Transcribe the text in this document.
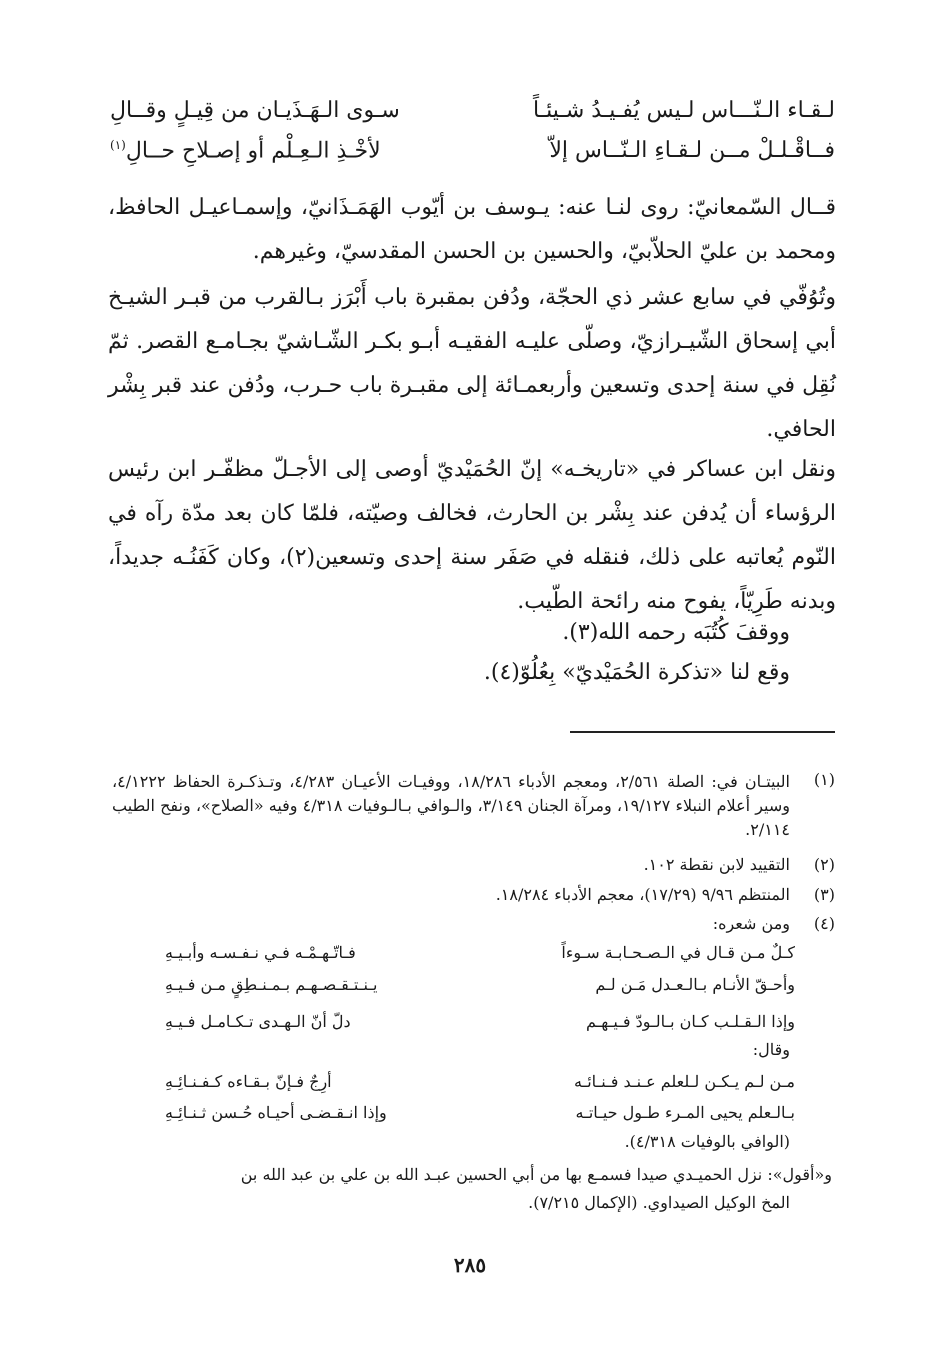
لـقـاء الـنّـــاس لـيس يُفـيـدُ شـيئـاً
سـوى الـهَـذَيـان من قِيـلٍ وقــالِ
فــاقْـلـلْ مــن لـقـاءِ الـنّــاس إلاّ
لأخْـذِ الـعِـلْم أو إصـلاحِ حــالِ$^{(١)}$
قــال السّمعانيّ: روى لنـا عنه: يـوسف بن أيّوب الهَمَـذَانيّ، وإسمـاعيـل الحافظ، ومحمد بن عليّ الحلاّبيّ، والحسين بن الحسن المقدسيّ، وغيرهم.
وتُوُفّي في سابع عشر ذي الحجّة، ودُفن بمقبرة باب أَبْرَز بـالقرب من قبـر الشيـخ أبي إسحاق الشّيـرازيّ، وصلّى عليـه الفقيـه أبـو بكـر الشّـاشيّ بجـامـع القصر. ثمّ نُقِل في سنة إحدى وتسعين وأربعمـائة إلى مقبـرة باب حـرب، ودُفن عند قبر بِشْر الحافي.
ونقل ابن عساكر في «تاريخـه» إنّ الحُمَيْديّ أوصى إلى الأجـلّ مظفّـر ابن رئيس الرؤساء أن يُدفن عند بِشْر بن الحارث، فخالف وصيّته، فلمّا كان بعد مدّة رآه في النّوم يُعاتبه على ذلك، فنقله في صَفَر سنة إحدى وتسعين(٢)، وكان كَفَنُـه جديداً، وبدنه طَرِيّاً، يفوح منه رائحة الطّيب.
ووقفَ كُتُبَه رحمه الله(٣).
وقع لنا «تذكرة الحُمَيْديّ» بِعُلُوّ(٤).
(١)
البيتـان في: الصلة ٢/٥٦١، ومعجم الأدباء ١٨/٢٨٦، ووفيـات الأعيـان ٤/٢٨٣، وتـذكـرة الحفاظ ٤/١٢٢٢، وسير أعلام النبلاء ١٩/١٢٧، ومرآة الجنان ٣/١٤٩، والـوافي بـالـوفيات ٤/٣١٨ وفيه «الصلاح»، ونفح الطيب ٢/١١٤.
(٢)
التقييد لابن نقطة ١٠٢.
(٣)
المنتظم ٩/٩٦ (١٧/٢٩)، معجم الأدباء ١٨/٢٨٤.
(٤)
ومن شعره:
كـلٌ مـن قـال في الـصـحـابـة سـوءاً
فـاتّـهـمْـه فـي نـفـسـه وأبـيـهِ
وأحـقّ الأنـام بـالـعـدل مَـن لـم
يـنـتـقـصـهـم بـمـنـطِقٍ مـن فـيـهِ
وإذا الـقـلـب كـان بـالـودّ فـيـهـم
دلّ أنّ الـهـدى تـكـامـل فـيـهِ
وقال:
مـن لـم يـكـن لـلعلم عـنـد فـنـائـه
أرِجٌ فـإنّ بـقـاءه كـفـنـائِـهِ
بـالـعلم يحيى المـرء طـول حيـاتـه
وإذا انـقـضـى أحيـاه حُـسن ثـنـائِـهِ
(الوافي بالوفيات ٤/٣١٨).
و«أقول»: نزل الحميـدي صيدا فسمـع بها من أبي الحسين عبـد الله بن علي بن عبد الله بن
المخ الوكيل الصيداوي. (الإكمال ٧/٢١٥).
٢٨٥
